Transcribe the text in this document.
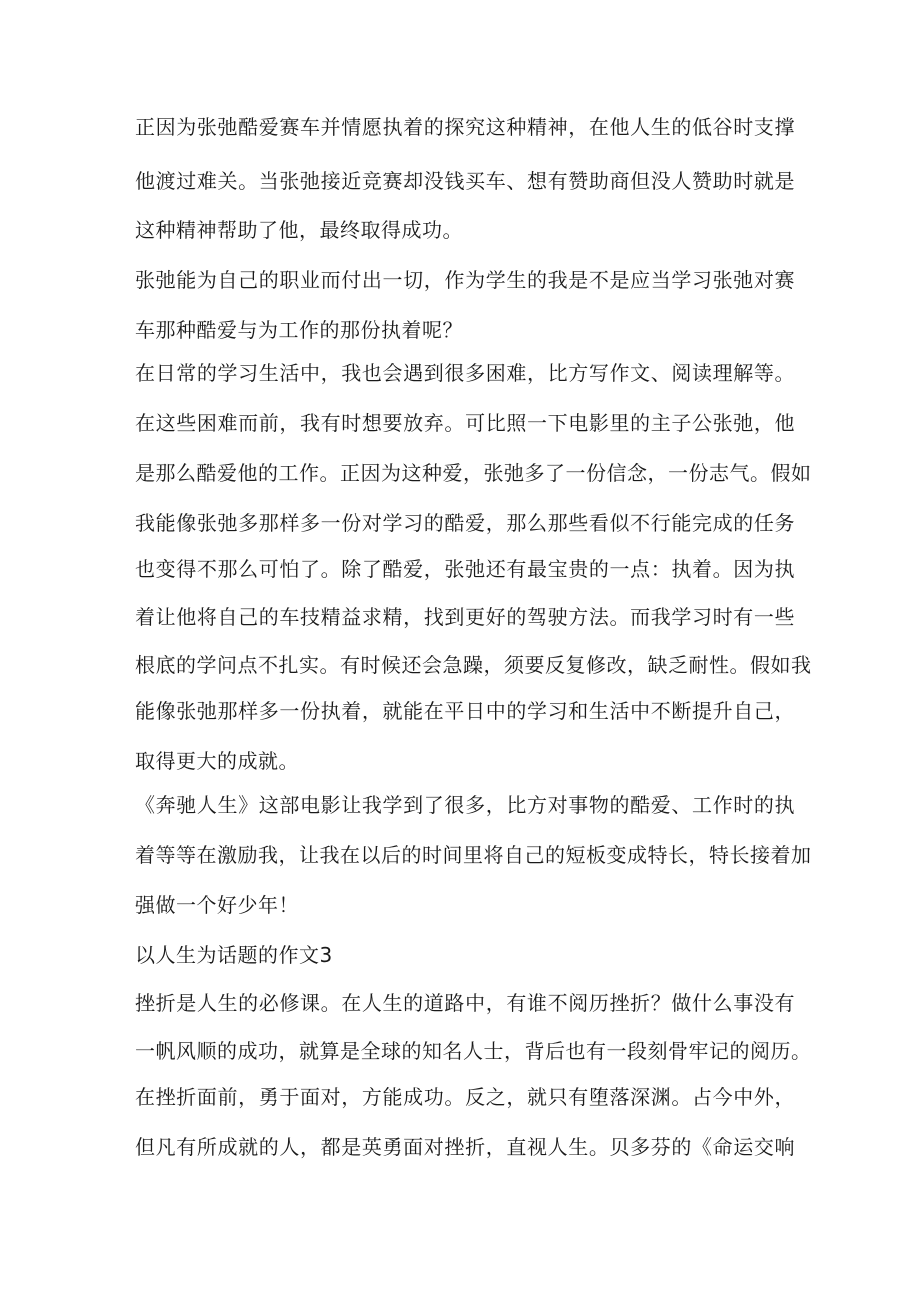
正因为张弛酷爱赛车并情愿执着的探究这种精神，在他人生的低谷时支撑
他渡过难关。当张弛接近竞赛却没钱买车、想有赞助商但没人赞助时就是
这种精神帮助了他，最终取得成功。
张弛能为自己的职业而付出一切，作为学生的我是不是应当学习张弛对赛
车那种酷爱与为工作的那份执着呢？
在日常的学习生活中，我也会遇到很多困难，比方写作文、阅读理解等。
在这些困难而前，我有时想要放弃。可比照一下电影里的主子公张弛，他
是那么酷爱他的工作。正因为这种爱，张弛多了一份信念，一份志气。假如
我能像张弛多那样多一份对学习的酷爱，那么那些看似不行能完成的任务
也变得不那么可怕了。除了酷爱，张弛还有最宝贵的一点：执着。因为执
着让他将自己的车技精益求精，找到更好的驾驶方法。而我学习时有一些
根底的学问点不扎实。有时候还会急躁，须要反复修改，缺乏耐性。假如我
能像张弛那样多一份执着，就能在平日中的学习和生活中不断提升自己，
取得更大的成就。
《奔驰人生》这部电影让我学到了很多，比方对事物的酷爱、工作时的执
着等等在激励我，让我在以后的时间里将自己的短板变成特长，特长接着加
强做一个好少年！
以人生为话题的作文3
挫折是人生的必修课。在人生的道路中，有谁不阅历挫折？做什么事没有
一帆风顺的成功，就算是全球的知名人士，背后也有一段刻骨牢记的阅历。
在挫折面前，勇于面对，方能成功。反之，就只有堕落深渊。占今中外，
但凡有所成就的人，都是英勇面对挫折，直视人生。贝多芬的《命运交响
